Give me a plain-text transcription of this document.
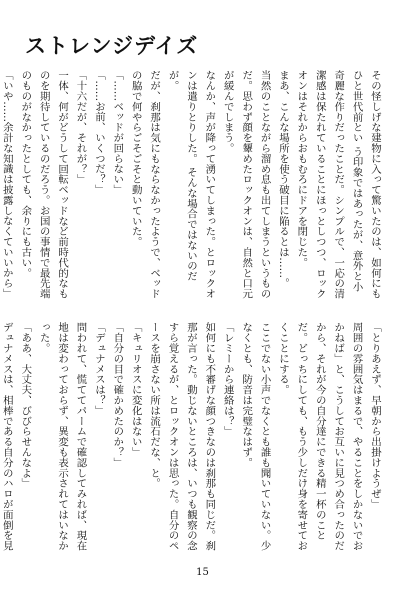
ストレンジデイズ

その怪しげな建物に入って驚いたのは、如何にもひと世代前とい う印象ではあったが、意外と小奇麗な作りだったことだ。シンプルで、一応の清潔感は保たれていることにほっとしつつ、ロックオンはそれからおもむろにドアを閉じた。

まあ、こんな場所を使う破目に陥るとは……。

当然のことながら溜め息も出てしまうというものだ。思わず顔を顰めたロックオンは、自然と口元が緩んでしまう。

なんか、声が降って湧いてしまった。とロックオンは遣りとりした。 そんな場合ではないのだが。

だが、刹那は気にもならなかったようで、ベッドの脇で何やらごそごそと動いていた。

「……ベッドが回らない」

「……お前、いくつだ？」

「十六だが、それが？」

一体、何がどうして回転ベッドなど前時代的なものを期待しているのだろう。お国の事情で最先端のものがなかったとしても、余りにも古い。

「いや……余計な知識は披露しなくていいから」

「とりあえず、早朝から出掛けようぜ」

周囲の雰囲気はまるで、やることをしかないでおかねば」と、こうしてお互いに見つめ合ったのだから、それが今の自分達にできる精一杯のことだ。どっちにしても、もう少しだけ身を寄せておくことにする。

ここでない小声でなくとも誰も聞いていない。少なくとも、防音は完璧なはず。

「レミーから連絡は？」

如何にも不審げな顔つきなのは刹那も同じだ。刹那が言った。動じないところは、いつも観察の念すら覚えるが、とロックオンは思った。自分のペースを崩さない所は流石だな、と。

「キュリオスに変化はない」

「自分の目で確かめたのか？」

「デュナメスは？」

問われて、慌ててパームで確認してみれば、現在地は変わっておらず、異変も表示されてはいなかった。

「ああ、大丈夫、びびらせんなよ」

デュナメスは、相棒である自分のハロが面倒を見

15
